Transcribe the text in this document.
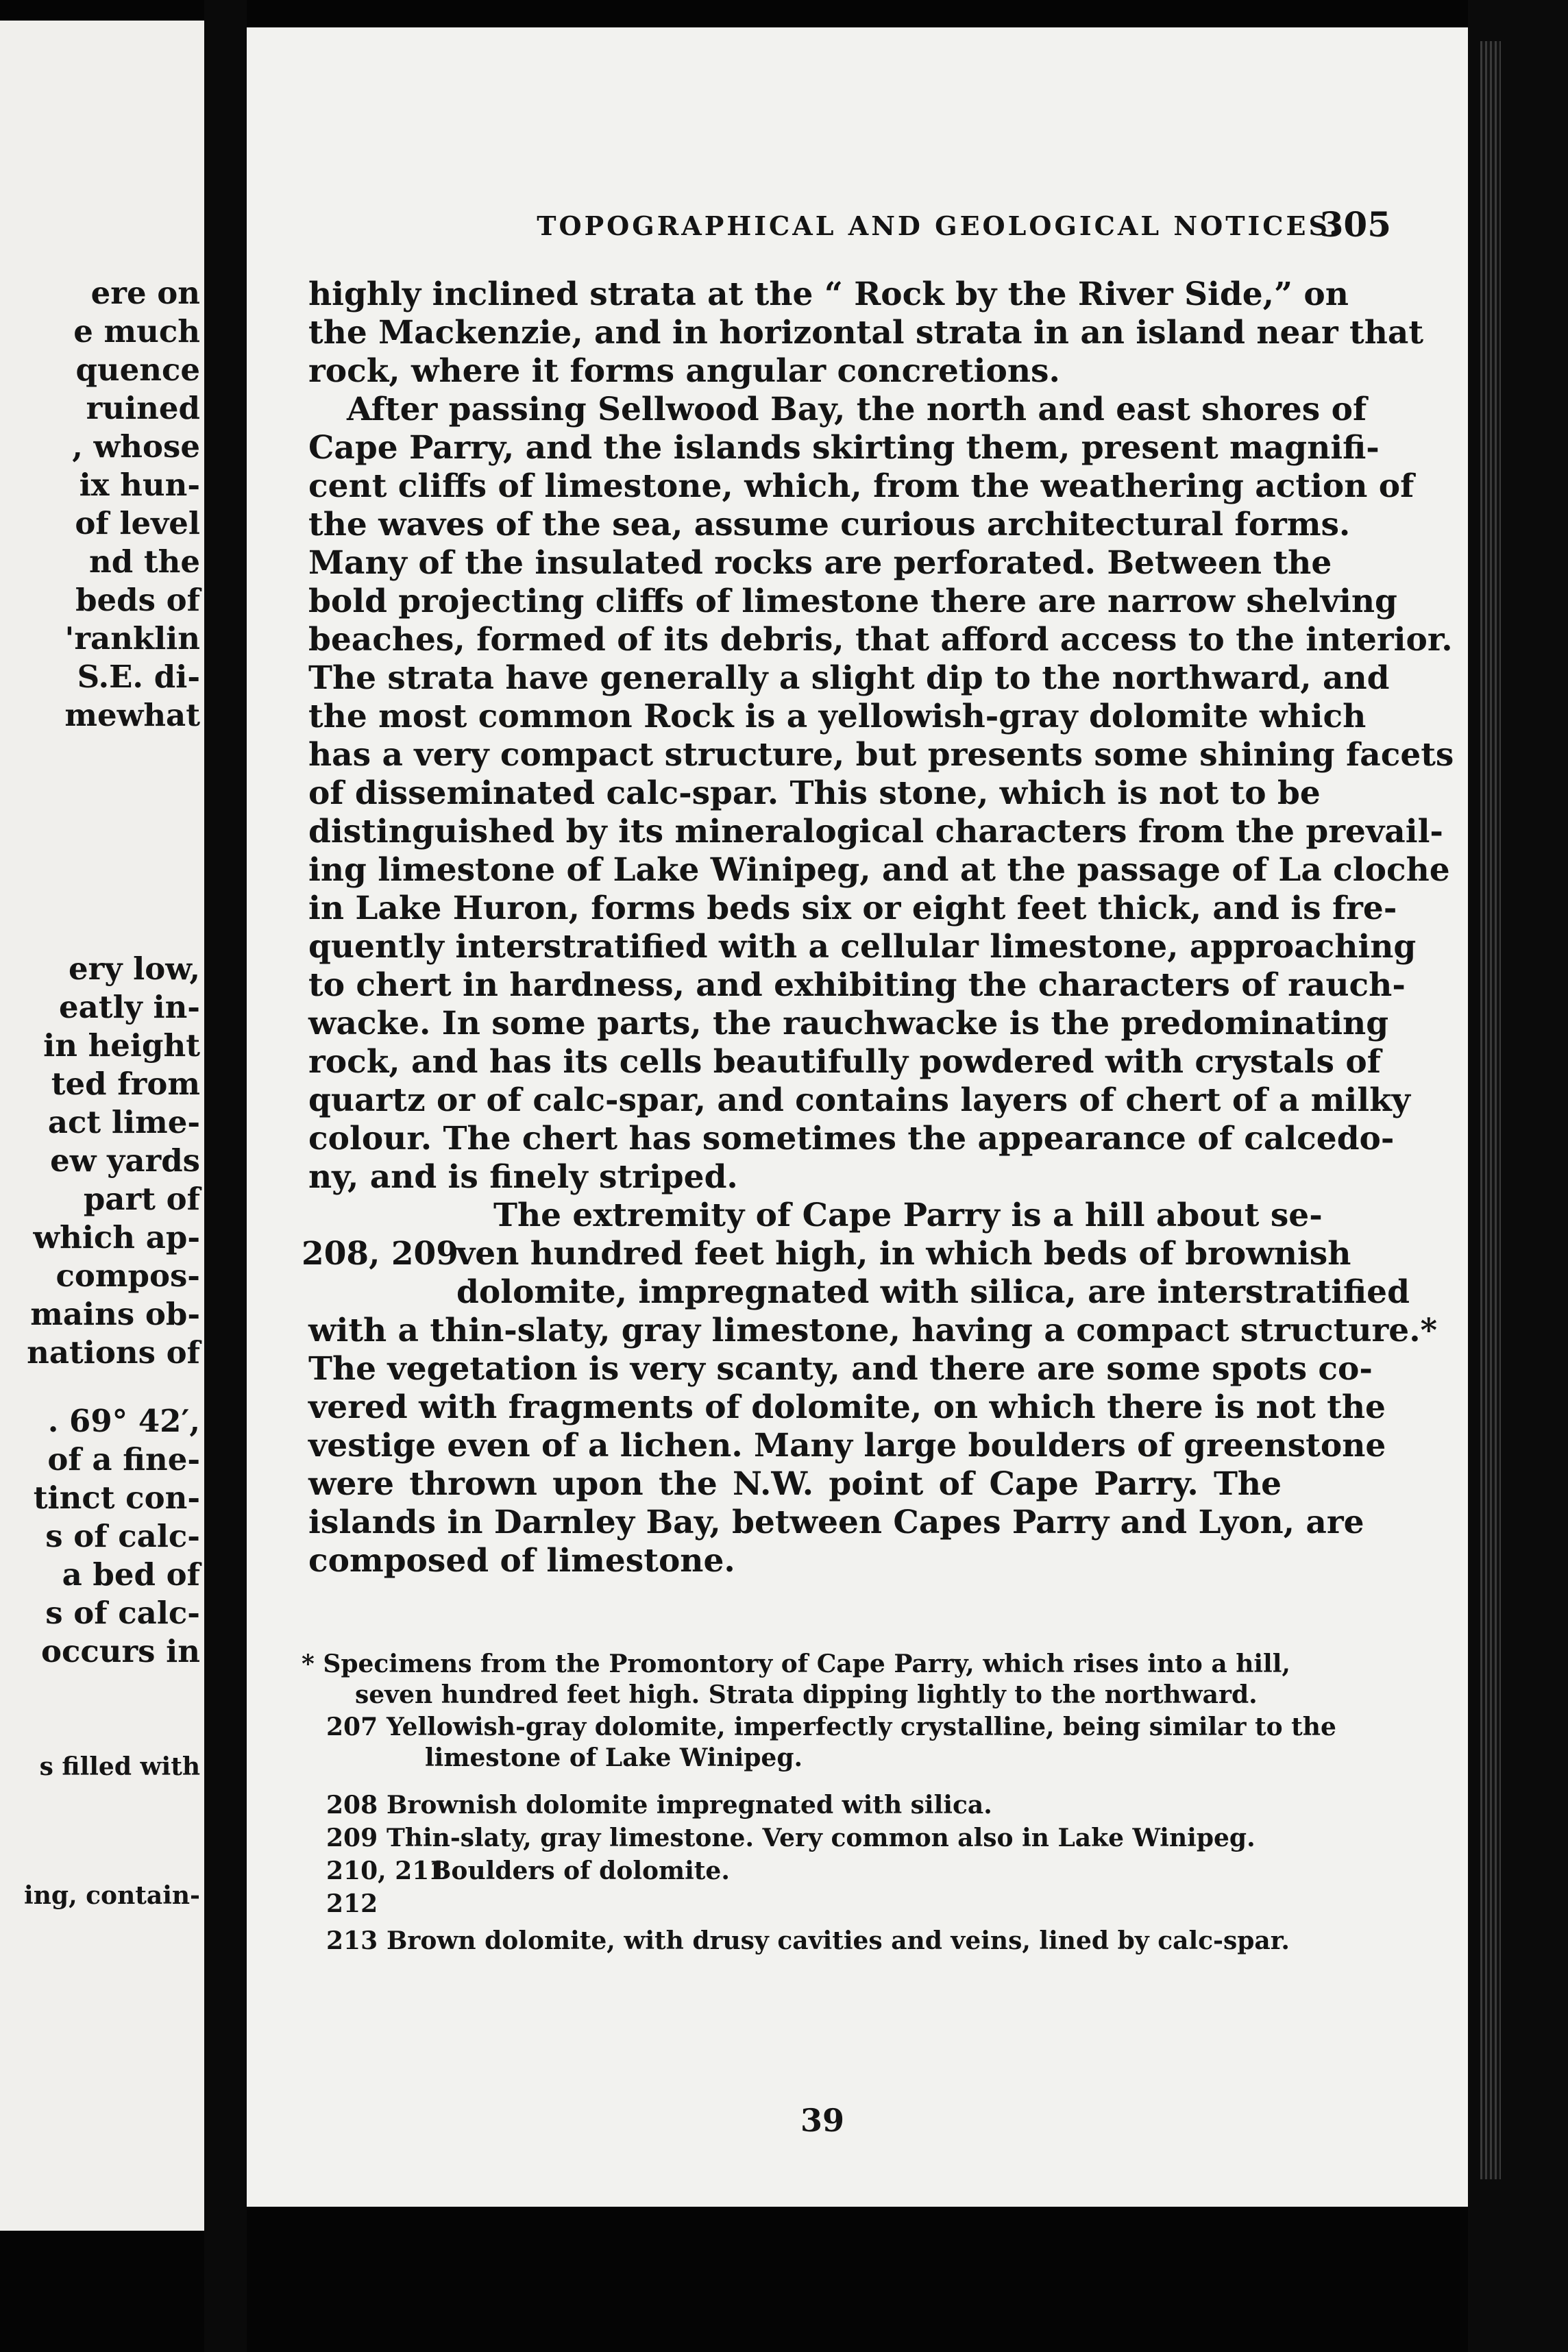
ere on
e much
quence
ruined
, whose
ix hun-
of level
nd the
beds of
'ranklin
S.E. di-
mewhat
ery low,
eatly in-
in height
ted from
act lime-
ew yards
part of
which ap-
compos-
mains ob-
nations of
. 69° 42′,
of a fine-
tinct con-
s of calc-
a bed of
s of calc-
occurs in
s filled with
ing, contain-
TOPOGRAPHICAL AND GEOLOGICAL NOTICES.
305
highly inclined strata at the “ Rock by the River Side,” on
the Mackenzie, and in horizontal strata in an island near that
rock, where it forms angular concretions.
After passing Sellwood Bay, the north and east shores of
Cape Parry, and the islands skirting them, present magnifi-
cent cliffs of limestone, which, from the weathering action of
the waves of the sea, assume curious architectural forms.
Many of the insulated rocks are perforated. Between the
bold projecting cliffs of limestone there are narrow shelving
beaches, formed of its debris, that afford access to the interior.
The strata have generally a slight dip to the northward, and
the most common Rock is a yellowish-gray dolomite which
has a very compact structure, but presents some shining facets
of disseminated calc-spar. This stone, which is not to be
distinguished by its mineralogical characters from the prevail-
ing limestone of Lake Winipeg, and at the passage of La cloche
in Lake Huron, forms beds six or eight feet thick, and is fre-
quently interstratified with a cellular limestone, approaching
to chert in hardness, and exhibiting the characters of rauch-
wacke. In some parts, the rauchwacke is the predominating
rock, and has its cells beautifully powdered with crystals of
quartz or of calc-spar, and contains layers of chert of a milky
colour. The chert has sometimes the appearance of calcedo-
ny, and is finely striped.
The extremity of Cape Parry is a hill about se-
208, 209
ven hundred feet high, in which beds of brownish
dolomite, impregnated with silica, are interstratified
with a thin-slaty, gray limestone, having a compact structure.*
The vegetation is very scanty, and there are some spots co-
vered with fragments of dolomite, on which there is not the
vestige even of a lichen. Many large boulders of greenstone
were thrown upon the N.W. point of Cape Parry. The
islands in Darnley Bay, between Capes Parry and Lyon, are
composed of limestone.
* Specimens from the Promontory of Cape Parry, which rises into a hill,
seven hundred feet high. Strata dipping lightly to the northward.
207 Yellowish-gray dolomite, imperfectly crystalline, being similar to the
limestone of Lake Winipeg.
208 Brownish dolomite impregnated with silica.
209 Thin-slaty, gray limestone. Very common also in Lake Winipeg.
210, 211
Boulders of dolomite.
212
213 Brown dolomite, with drusy cavities and veins, lined by calc-spar.
39
